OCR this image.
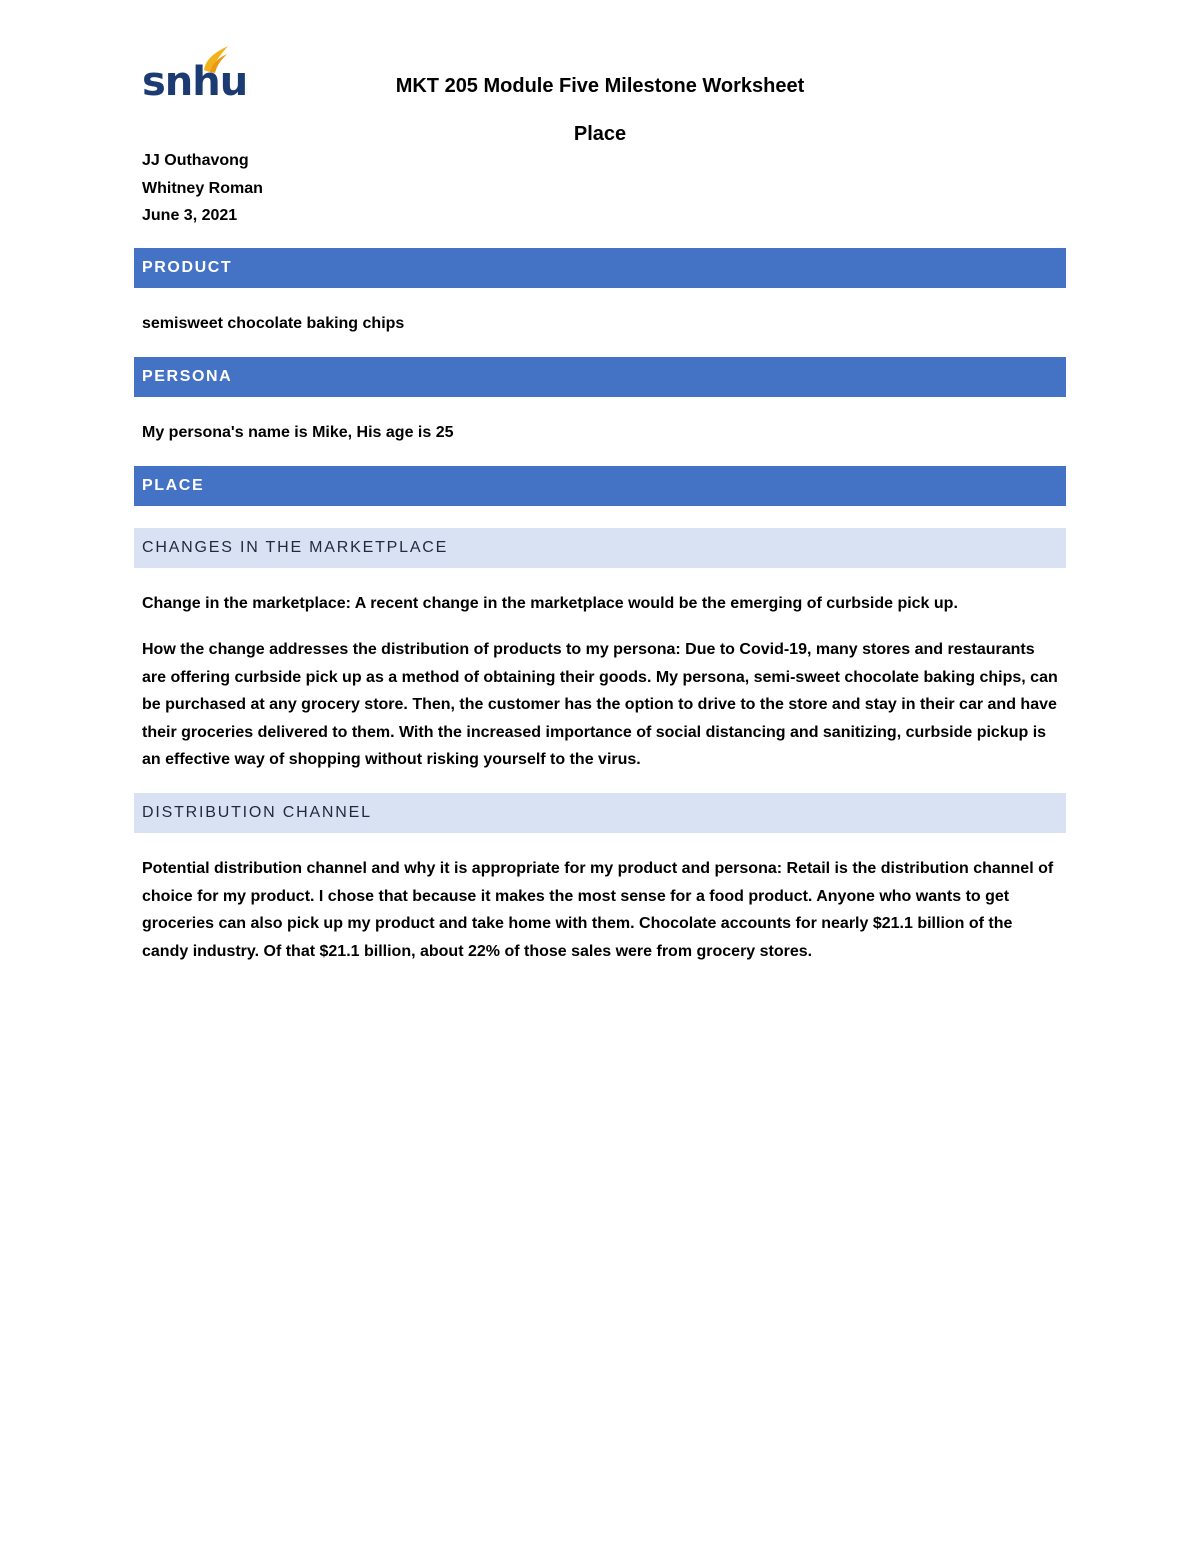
snhu	MKT 205 Module Five Milestone Worksheet
Place
JJ Outhavong
Whitney Roman
June 3, 2021
PRODUCT
semisweet chocolate baking chips
PERSONA
My persona's name is Mike, His age is 25
PLACE
CHANGES IN THE MARKETPLACE
Change in the marketplace: A recent change in the marketplace would be the emerging of curbside pick up.
How the change addresses the distribution of products to my persona: Due to Covid-19, many stores and restaurants are offering curbside pick up as a method of obtaining their goods. My persona, semi-sweet chocolate baking chips, can be purchased at any grocery store. Then, the customer has the option to drive to the store and stay in their car and have their groceries delivered to them. With the increased importance of social distancing and sanitizing, curbside pickup is an effective way of shopping without risking yourself to the virus.
DISTRIBUTION CHANNEL
Potential distribution channel and why it is appropriate for my product and persona: Retail is the distribution channel of choice for my product. I chose that because it makes the most sense for a food product. Anyone who wants to get groceries can also pick up my product and take home with them. Chocolate accounts for nearly $21.1 billion of the candy industry. Of that $21.1 billion, about 22% of those sales were from grocery stores.
